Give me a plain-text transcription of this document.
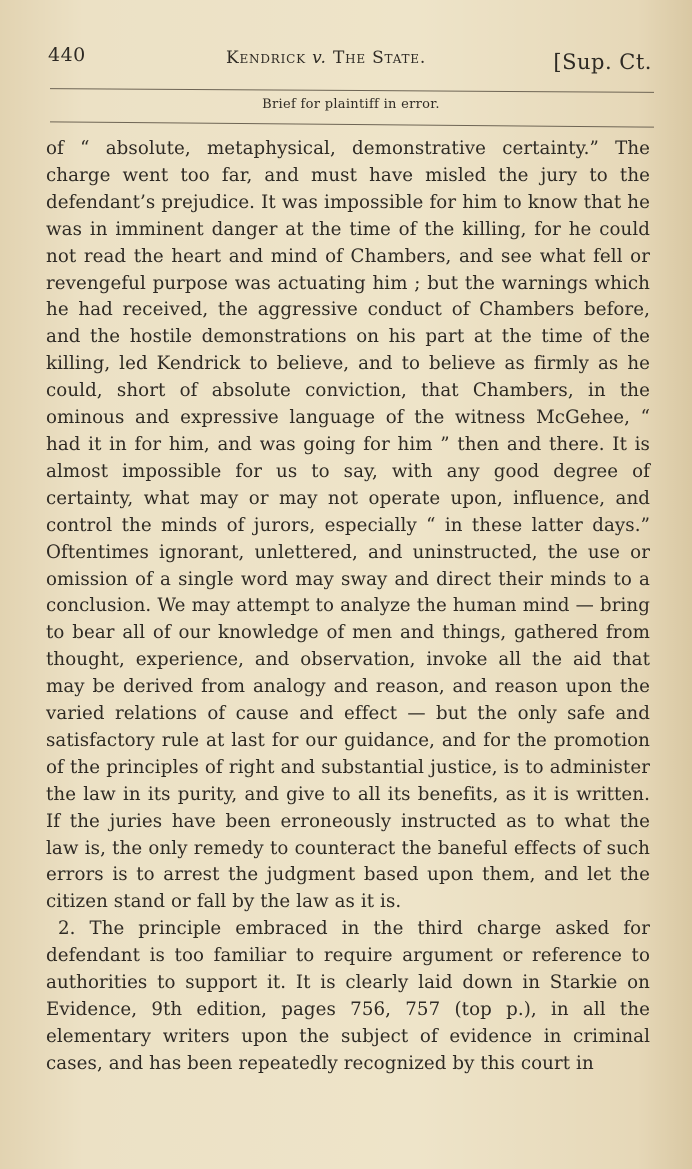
440	Kendrick v. The State.	[Sup. Ct.
Brief for plaintiff in error.

of “ absolute, metaphysical, demonstrative certainty.” The charge went too far, and must have misled the jury to the defendant’s prejudice. It was impossible for him to know that he was in imminent danger at the time of the killing, for he could not read the heart and mind of Chambers, and see what fell or revengeful purpose was actuating him ; but the warnings which he had received, the aggressive conduct of Chambers before, and the hostile demonstrations on his part at the time of the killing, led Kendrick to believe, and to believe as firmly as he could, short of absolute conviction, that Chambers, in the ominous and expressive language of the witness McGehee, “ had it in for him, and was going for him ” then and there. It is almost impossible for us to say, with any good degree of certainty, what may or may not operate upon, influence, and control the minds of jurors, especially “ in these latter days.” Oftentimes ignorant, unlettered, and uninstructed, the use or omission of a single word may sway and direct their minds to a conclusion. We may attempt to analyze the human mind — bring to bear all of our knowledge of men and things, gathered from thought, experience, and observation, invoke all the aid that may be derived from analogy and reason, and reason upon the varied relations of cause and effect — but the only safe and satisfactory rule at last for our guidance, and for the promotion of the principles of right and substantial justice, is to administer the law in its purity, and give to all its benefits, as it is written. If the juries have been erroneously instructed as to what the law is, the only remedy to counteract the baneful effects of such errors is to arrest the judgment based upon them, and let the citizen stand or fall by the law as it is.

2. The principle embraced in the third charge asked for defendant is too familiar to require argument or reference to authorities to support it. It is clearly laid down in Starkie on Evidence, 9th edition, pages 756, 757 (top p.), in all the elementary writers upon the subject of evidence in criminal cases, and has been repeatedly recognized by this court in
